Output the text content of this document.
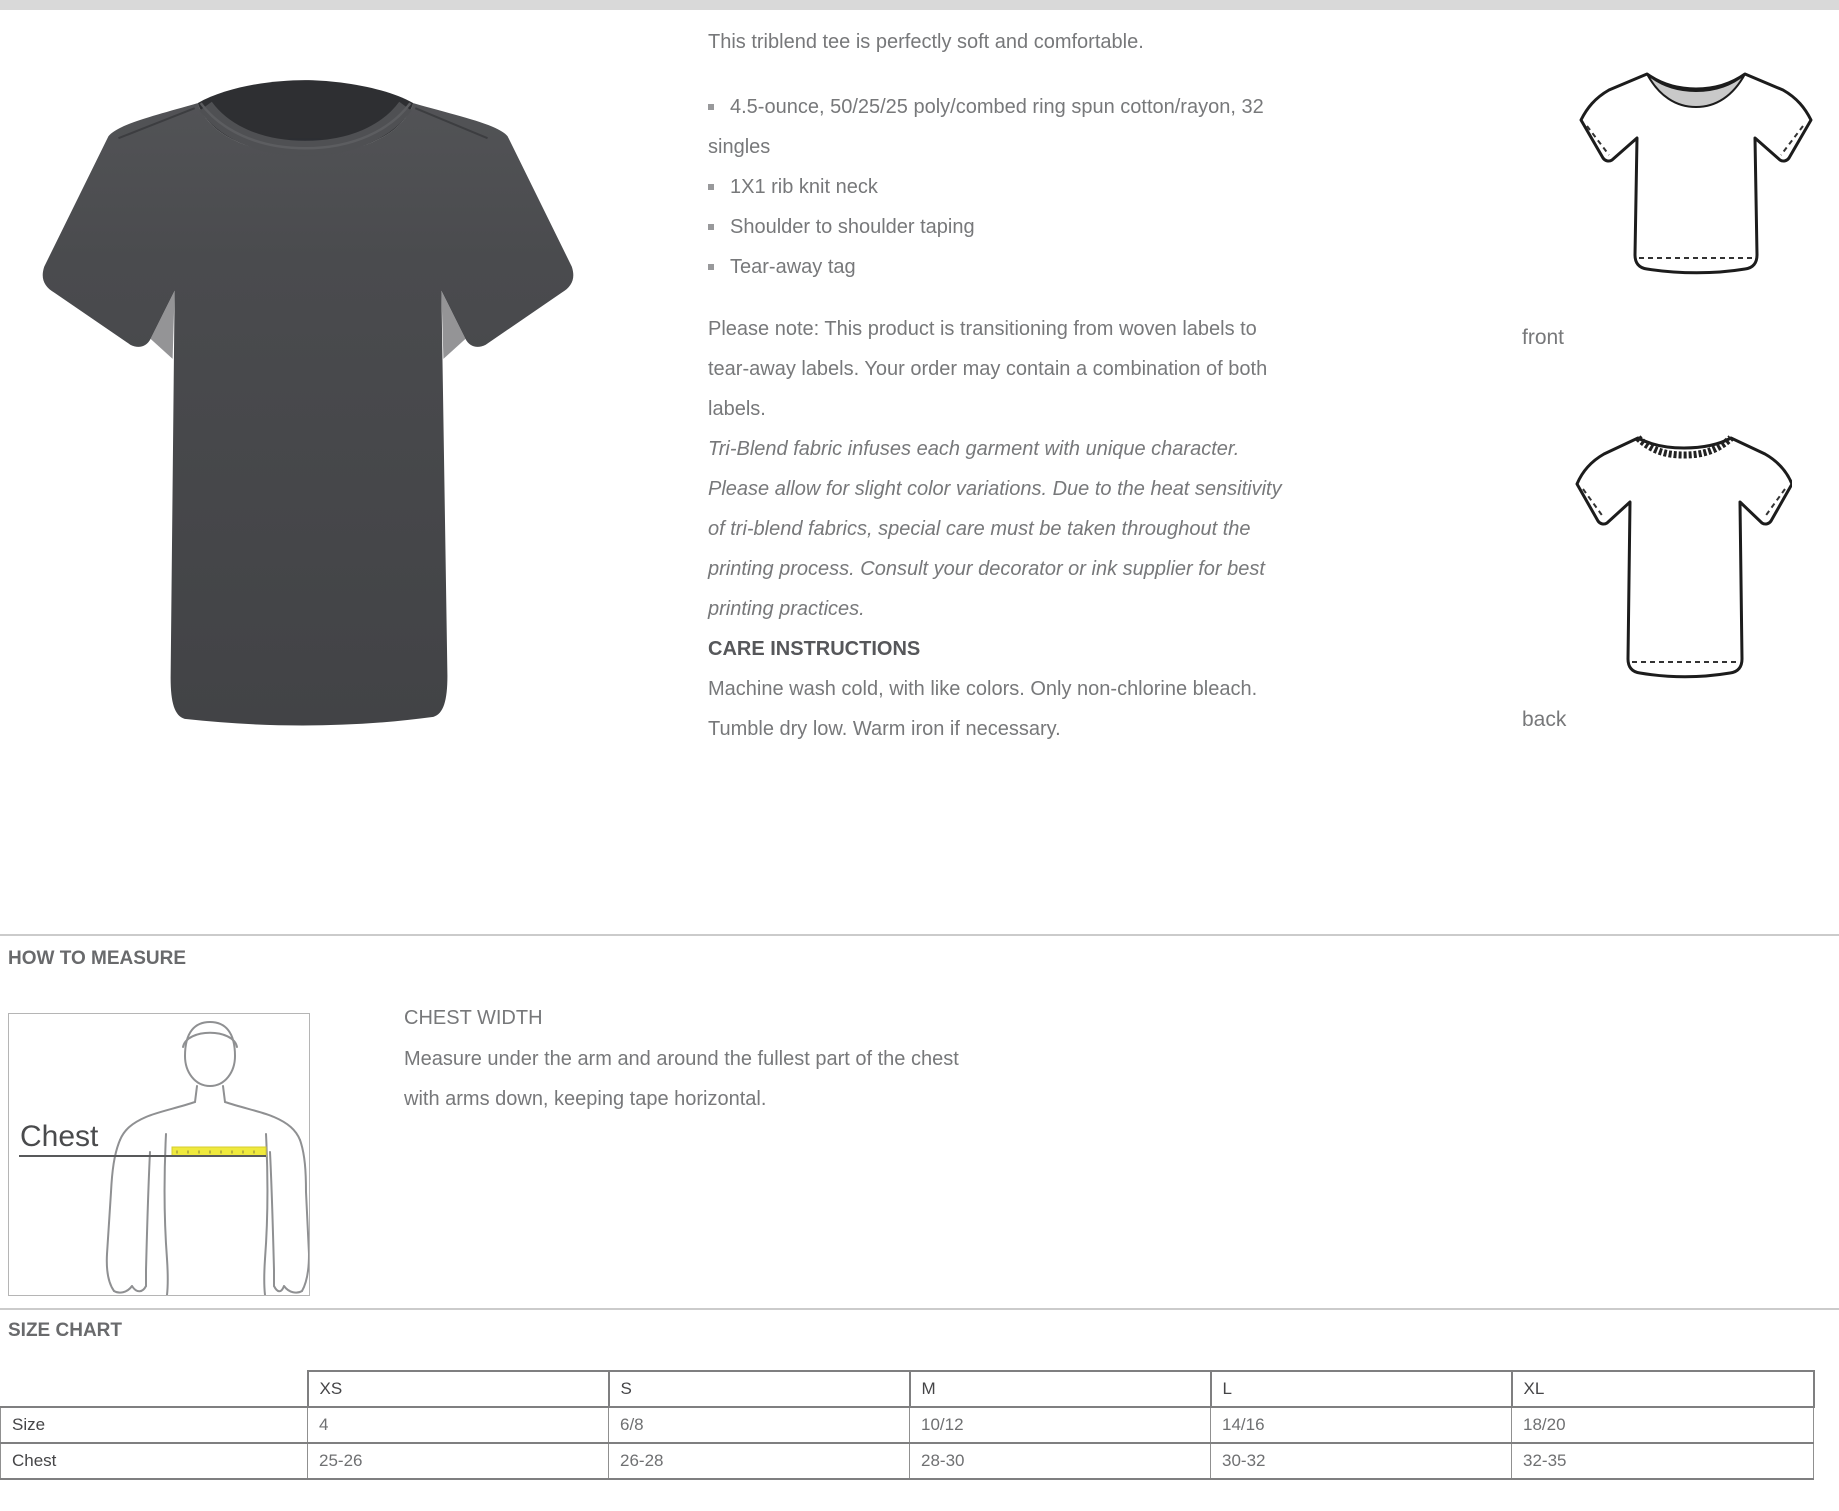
This triblend tee is perfectly soft and comfortable.

4.5-ounce, 50/25/25 poly/combed ring spun cotton/rayon, 32 singles
1X1 rib knit neck
Shoulder to shoulder taping
Tear-away tag

Please note: This product is transitioning from woven labels to tear-away labels. Your order may contain a combination of both labels.

Tri-Blend fabric infuses each garment with unique character. Please allow for slight color variations. Due to the heat sensitivity of tri-blend fabrics, special care must be taken throughout the printing process. Consult your decorator or ink supplier for best printing practices.

CARE INSTRUCTIONS

Machine wash cold, with like colors. Only non-chlorine bleach. Tumble dry low. Warm iron if necessary.

front
back
HOW TO MEASURE
Chest
CHEST WIDTH
Measure under the arm and around the fullest part of the chest with arms down, keeping tape horizontal.
SIZE CHART
	XS	S	M	L	XL
Size	4	6/8	10/12	14/16	18/20
Chest	25-26	26-28	28-30	30-32	32-35
